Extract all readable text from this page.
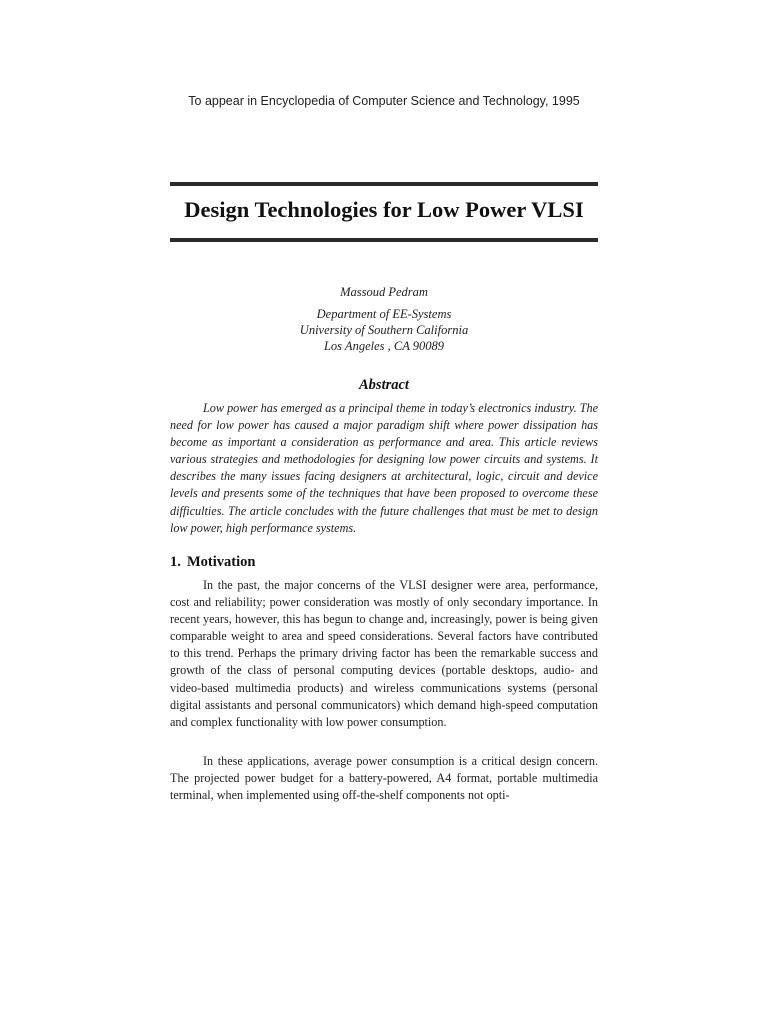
To appear in Encyclopedia of Computer Science and Technology, 1995
Design Technologies for Low Power VLSI
Massoud Pedram
Department of EE-Systems
University of Southern California
Los Angeles , CA 90089
Abstract

Low power has emerged as a principal theme in today’s electronics industry. The need for low power has caused a major paradigm shift where power dissipation has become as important a consideration as performance and area. This article reviews various strategies and methodologies for designing low power circuits and systems. It describes the many issues facing designers at architectural, logic, circuit and device levels and presents some of the techniques that have been proposed to overcome these difficulties. The article concludes with the future challenges that must be met to design low power, high performance systems.

1. Motivation

In the past, the major concerns of the VLSI designer were area, performance, cost and reliability; power consideration was mostly of only secondary importance. In recent years, however, this has begun to change and, increasingly, power is being given comparable weight to area and speed considerations. Several factors have contributed to this trend. Perhaps the primary driving factor has been the remarkable success and growth of the class of personal computing devices (portable desktops, audio- and video-based multimedia products) and wireless communications systems (personal digital assistants and personal communicators) which demand high-speed computation and complex functionality with low power consumption.

In these applications, average power consumption is a critical design concern. The projected power budget for a battery-powered, A4 format, portable multimedia terminal, when implemented using off-the-shelf components not opti-
